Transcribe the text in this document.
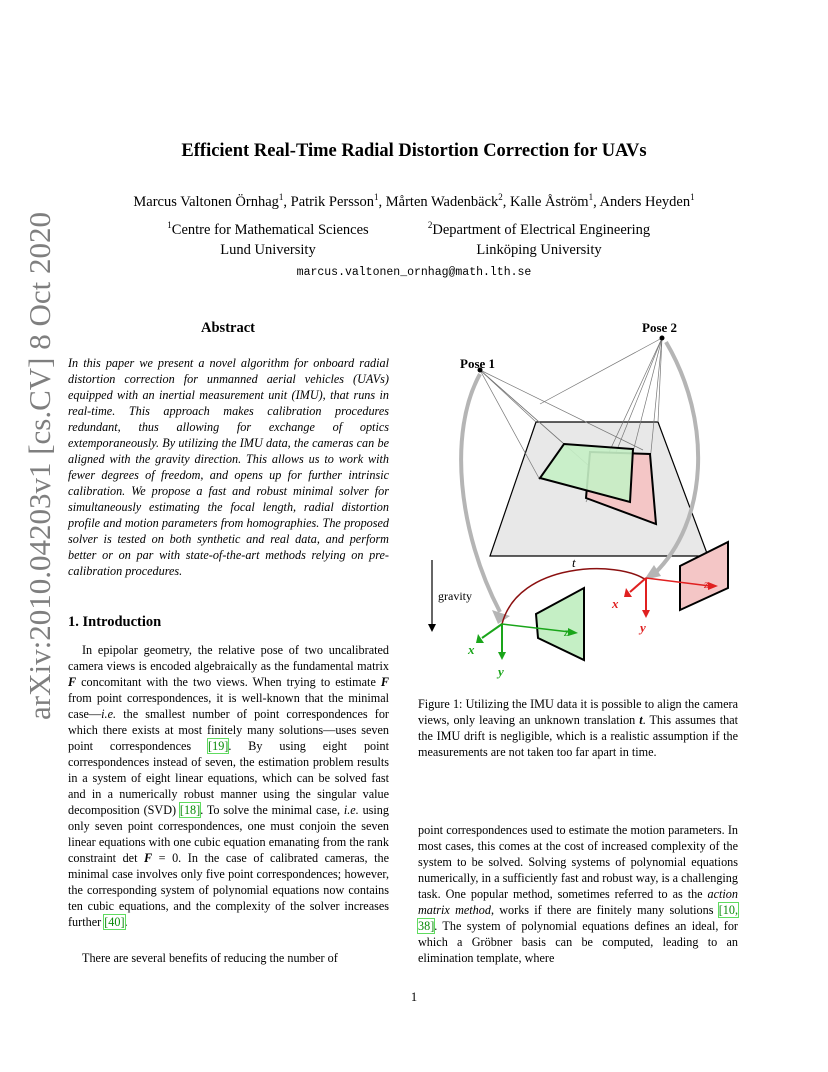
arXiv:2010.04203v1 [cs.CV] 8 Oct 2020
Efficient Real-Time Radial Distortion Correction for UAVs
Marcus Valtonen Örnhag$^1$, Patrik Persson$^1$, Mårten Wadenbäck$^2$, Kalle Åström$^1$, Anders Heyden$^1$
$^1$Centre for Mathematical Sciences
Lund University
$^2$Department of Electrical Engineering
Linköping University
marcus.valtonen_ornhag@math.lth.se
Abstract
In this paper we present a novel algorithm for onboard radial distortion correction for unmanned aerial vehicles (UAVs) equipped with an inertial measurement unit (IMU), that runs in real-time. This approach makes calibration procedures redundant, thus allowing for exchange of optics extemporaneously. By utilizing the IMU data, the cameras can be aligned with the gravity direction. This allows us to work with fewer degrees of freedom, and opens up for further intrinsic calibration. We propose a fast and robust minimal solver for simultaneously estimating the focal length, radial distortion profile and motion parameters from homographies. The proposed solver is tested on both synthetic and real data, and perform better or on par with state-of-the-art methods relying on pre-calibration procedures.
1. Introduction
In epipolar geometry, the relative pose of two uncalibrated camera views is encoded algebraically as the fundamental matrix F concomitant with the two views. When trying to estimate F from point correspondences, it is well-known that the minimal case—i.e. the smallest number of point correspondences for which there exists at most finitely many solutions—uses seven point correspondences [19]. By using eight point correspondences instead of seven, the estimation problem results in a system of eight linear equations, which can be solved fast and in a numerically robust manner using the singular value decomposition (SVD) [18]. To solve the minimal case, i.e. using only seven point correspondences, one must conjoin the seven linear equations with one cubic equation emanating from the rank constraint det F = 0. In the case of calibrated cameras, the minimal case involves only five point correspondences; however, the corresponding system of polynomial equations now contains ten cubic equations, and the complexity of the solver increases further [40].
There are several benefits of reducing the number of
Pose 1
Pose 2
gravity
t
x
y
z
x
y
z
Figure 1: Utilizing the IMU data it is possible to align the camera views, only leaving an unknown translation t. This assumes that the IMU drift is negligible, which is a realistic assumption if the measurements are not taken too far apart in time.
point correspondences used to estimate the motion parameters. In most cases, this comes at the cost of increased complexity of the system to be solved. Solving systems of polynomial equations numerically, in a sufficiently fast and robust way, is a challenging task. One popular method, sometimes referred to as the action matrix method, works if there are finitely many solutions [10, 38]. The system of polynomial equations defines an ideal, for which a Gröbner basis can be computed, leading to an elimination template, where
1
